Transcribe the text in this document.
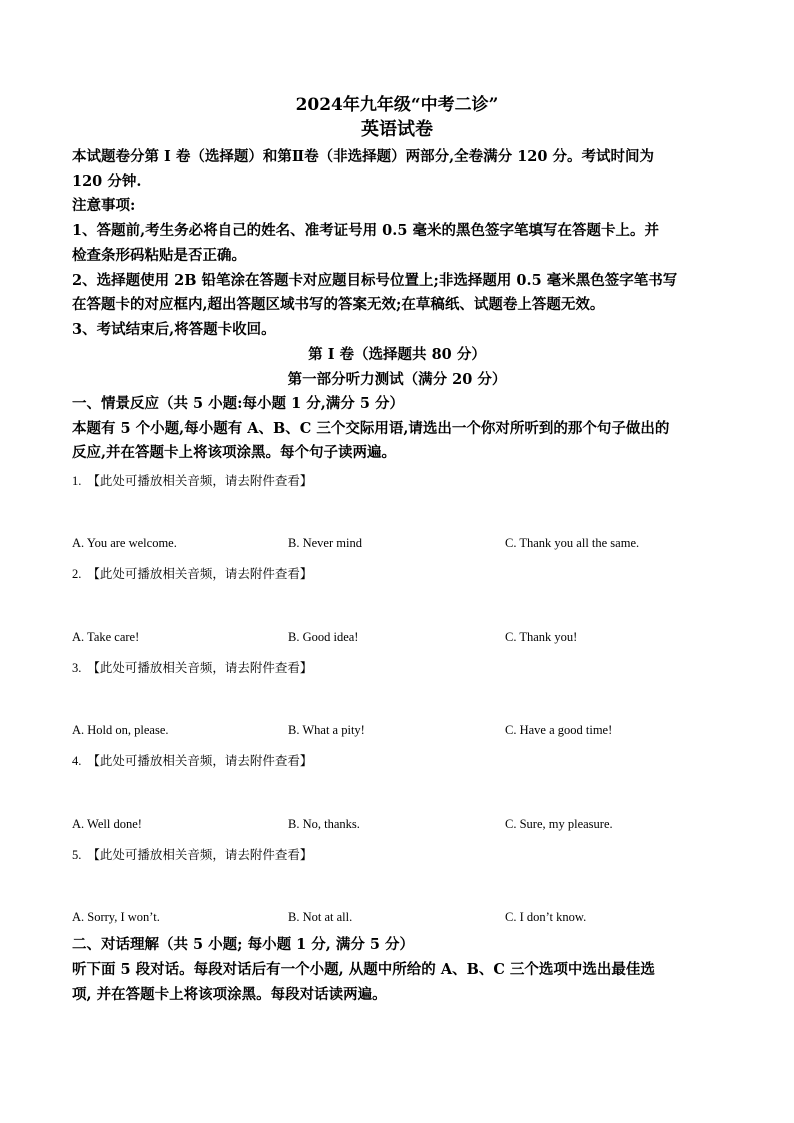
2024年九年级“中考二诊”
英语试卷
本试题卷分第 I 卷（选择题）和第Ⅱ卷（非选择题）两部分,全卷满分 120 分。考试时间为
120 分钟.
注意事项:
1、答题前,考生务必将自己的姓名、准考证号用 0.5 毫米的黑色签字笔填写在答题卡上。并
检查条形码粘贴是否正确。
2、选择题使用 2B 铅笔涂在答题卡对应题目标号位置上;非选择题用 0.5 毫米黑色签字笔书写
在答题卡的对应框内,超出答题区域书写的答案无效;在草稿纸、试题卷上答题无效。
3、考试结束后,将答题卡收回。
第 I 卷（选择题共 80 分）
第一部分听力测试（满分 20 分）
一、情景反应（共 5 小题:每小题 1 分,满分 5 分）
本题有 5 个小题,每小题有 A、B、C 三个交际用语,请选出一个你对所听到的那个句子做出的
反应,并在答题卡上将该项涂黑。每个句子读两遍。
1. 【此处可播放相关音频，请去附件查看】
A. You are welcome.	B. Never mind	C. Thank you all the same.
2. 【此处可播放相关音频，请去附件查看】
A. Take care!	B. Good idea!	C. Thank you!
3. 【此处可播放相关音频，请去附件查看】
A. Hold on, please.	B. What a pity!	C. Have a good time!
4. 【此处可播放相关音频，请去附件查看】
A. Well done!	B. No, thanks.	C. Sure, my pleasure.
5. 【此处可播放相关音频，请去附件查看】
A. Sorry, I won’t.	B. Not at all.	C. I don’t know.
二、对话理解（共 5 小题; 每小题 1 分, 满分 5 分）
听下面 5 段对话。每段对话后有一个小题, 从题中所给的 A、B、C 三个选项中选出最佳选
项, 并在答题卡上将该项涂黑。每段对话读两遍。
